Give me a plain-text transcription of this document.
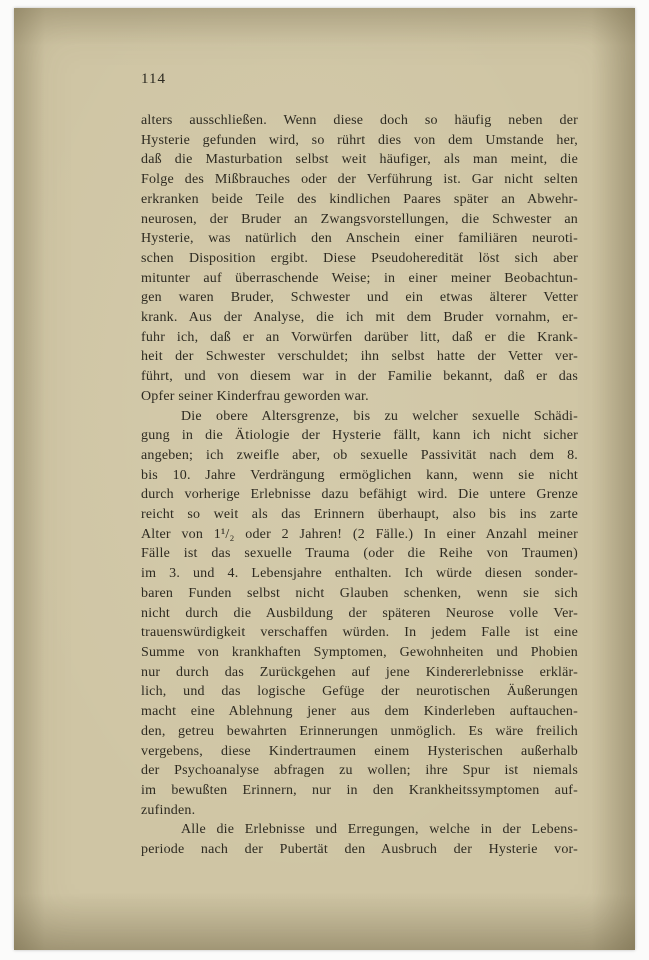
114
alters ausschließen. Wenn diese doch so häufig neben der
Hysterie gefunden wird, so rührt dies von dem Umstande her,
daß die Masturbation selbst weit häufiger, als man meint, die
Folge des Mißbrauches oder der Verführung ist. Gar nicht selten
erkranken beide Teile des kindlichen Paares später an Abwehr-
neurosen, der Bruder an Zwangsvorstellungen, die Schwester an
Hysterie, was natürlich den Anschein einer familiären neuroti-
schen Disposition ergibt. Diese Pseudoheredität löst sich aber
mitunter auf überraschende Weise; in einer meiner Beobachtun-
gen waren Bruder, Schwester und ein etwas älterer Vetter
krank. Aus der Analyse, die ich mit dem Bruder vornahm, er-
fuhr ich, daß er an Vorwürfen darüber litt, daß er die Krank-
heit der Schwester verschuldet; ihn selbst hatte der Vetter ver-
führt, und von diesem war in der Familie bekannt, daß er das
Opfer seiner Kinderfrau geworden war.
Die obere Altersgrenze, bis zu welcher sexuelle Schädi-
gung in die Ätiologie der Hysterie fällt, kann ich nicht sicher
angeben; ich zweifle aber, ob sexuelle Passivität nach dem 8.
bis 10. Jahre Verdrängung ermöglichen kann, wenn sie nicht
durch vorherige Erlebnisse dazu befähigt wird. Die untere Grenze
reicht so weit als das Erinnern überhaupt, also bis ins zarte
Alter von 1¹/₂ oder 2 Jahren! (2 Fälle.) In einer Anzahl meiner
Fälle ist das sexuelle Trauma (oder die Reihe von Traumen)
im 3. und 4. Lebensjahre enthalten. Ich würde diesen sonder-
baren Funden selbst nicht Glauben schenken, wenn sie sich
nicht durch die Ausbildung der späteren Neurose volle Ver-
trauenswürdigkeit verschaffen würden. In jedem Falle ist eine
Summe von krankhaften Symptomen, Gewohnheiten und Phobien
nur durch das Zurückgehen auf jene Kindererlebnisse erklär-
lich, und das logische Gefüge der neurotischen Äußerungen
macht eine Ablehnung jener aus dem Kinderleben auftauchen-
den, getreu bewahrten Erinnerungen unmöglich. Es wäre freilich
vergebens, diese Kindertraumen einem Hysterischen außerhalb
der Psychoanalyse abfragen zu wollen; ihre Spur ist niemals
im bewußten Erinnern, nur in den Krankheitssymptomen auf-
zufinden.
Alle die Erlebnisse und Erregungen, welche in der Lebens-
periode nach der Pubertät den Ausbruch der Hysterie vor-
